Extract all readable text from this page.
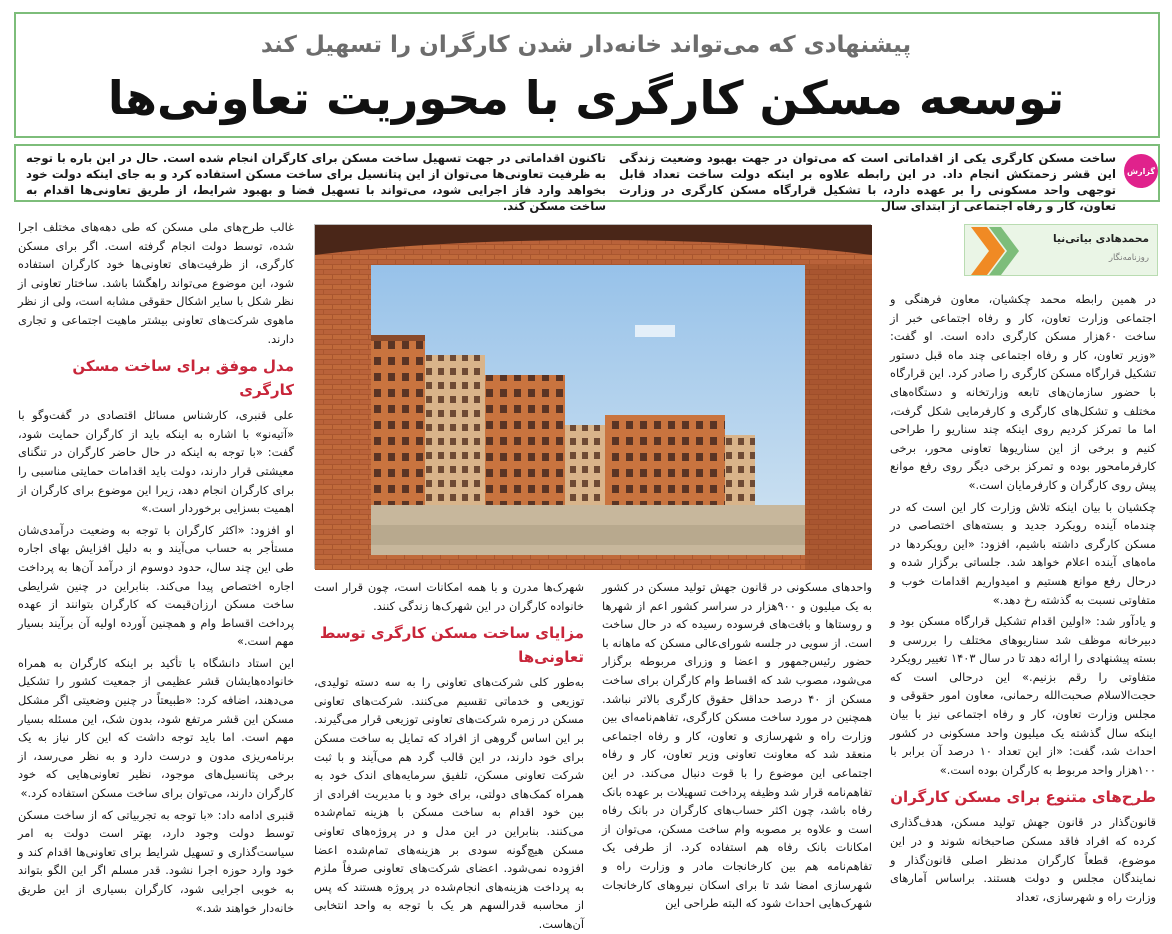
پیشنهادی که می‌تواند خانه‌دار شدن کارگران را تسهیل کند
توسعه مسکن کارگری با محوریت تعاونی‌ها
گزارش
ساخت مسکن کارگری یکی از اقداماتی است که می‌توان در جهت بهبود وضعیت زندگی این قشر زحمتکش انجام داد. در این رابطه علاوه بر اینکه دولت ساخت تعداد قابل توجهی واحد مسکونی را بر عهده دارد، با تشکیل قرارگاه مسکن کارگری در وزارت تعاون، کار و رفاه اجتماعی از ابتدای سال
تاکنون اقداماتی در جهت تسهیل ساخت مسکن برای کارگران انجام شده است. حال در این باره با توجه به ظرفیت تعاونی‌ها می‌توان از این پتانسیل برای ساخت مسکن استفاده کرد و به جای اینکه دولت خود بخواهد وارد فاز اجرایی شود، می‌تواند با تسهیل فضا و بهبود شرایط، از طریق تعاونی‌ها اقدام به ساخت مسکن کند.
محمدهادی بیاتی‌نیا
روزنامه‌نگار

در همین رابطه محمد چکشیان، معاون فرهنگی و اجتماعی وزارت تعاون، کار و رفاه اجتماعی خبر از ساخت ۶۰هزار مسکن کارگری داده است. او گفت: «وزیر تعاون، کار و رفاه اجتماعی چند ماه قبل دستور تشکیل قرارگاه مسکن کارگری را صادر کرد. این قرارگاه با حضور سازمان‌های تابعه وزارتخانه و دستگاه‌های مختلف و تشکل‌های کارگری و کارفرمایی شکل گرفت، اما ما تمرکز کردیم روی اینکه چند سناریو را طراحی کنیم و برخی از این سناریوها تعاونی محور، برخی کارفرمامحور بوده و تمرکز برخی دیگر روی رفع موانع پیش روی کارگران و کارفرمایان است.»

چکشیان با بیان اینکه تلاش وزارت کار این است که در چندماه آینده رویکرد جدید و بسته‌های اختصاصی در مسکن کارگری داشته باشیم، افزود: «این رویکردها در ماه‌های آینده اعلام خواهد شد. جلساتی برگزار شده و درحال رفع موانع هستیم و امیدواریم اقدامات خوب و متفاوتی نسبت به گذشته رخ دهد.»

و یادآور شد: «اولین اقدام تشکیل قرارگاه مسکن بود و دبیرخانه موظف شد سناریوهای مختلف را بررسی و بسته پیشنهادی را ارائه دهد تا در سال ۱۴۰۳ تغییر رویکرد متفاوتی را رقم بزنیم.» این درحالی است که حجت‌الاسلام صحبت‌الله رحمانی، معاون امور حقوقی و مجلس وزارت تعاون، کار و رفاه اجتماعی نیز با بیان اینکه سال گذشته یک میلیون واحد مسکونی در کشور احداث شد، گفت: «از این تعداد ۱۰ درصد آن برابر با ۱۰۰هزار واحد مربوط به کارگران بوده است.»

طرح‌های متنوع برای مسکن کارگران

قانون‌گذار در قانون جهش تولید مسکن، هدف‌گذاری کرده که افراد فاقد مسکن صاحبخانه شوند و در این موضوع، قطعاً کارگران مدنظر اصلی قانون‌گذار و نمایندگان مجلس و دولت هستند. براساس آمارهای وزارت راه و شهرسازی، تعداد

واحدهای مسکونی در قانون جهش تولید مسکن در کشور به یک میلیون و ۹۰۰هزار در سراسر کشور اعم از شهرها و روستاها و بافت‌های فرسوده رسیده که در حال ساخت است. از سویی در جلسه شورای‌عالی مسکن که ماهانه با حضور رئیس‌جمهور و اعضا و وزرای مربوطه برگزار می‌شود، مصوب شد که اقساط وام کارگران برای ساخت مسکن از ۴۰ درصد حداقل حقوق کارگری بالاتر نباشد. همچنین در مورد ساخت مسکن کارگری، تفاهم‌نامه‌ای بین وزارت راه و شهرسازی و تعاون، کار و رفاه اجتماعی منعقد شد که معاونت تعاونی وزیر تعاون، کار و رفاه اجتماعی این موضوع را با قوت دنبال می‌کند. در این تفاهم‌نامه قرار شد وظیفه پرداخت تسهیلات بر عهده بانک رفاه باشد، چون اکثر حساب‌های کارگران در بانک رفاه است و علاوه بر مصوبه وام ساخت مسکن، می‌توان از امکانات بانک رفاه هم استفاده کرد. از طرفی یک تفاهم‌نامه هم بین کارخانجات مادر و وزارت راه و شهرسازی امضا شد تا برای اسکان نیروهای کارخانجات شهرک‌هایی احداث شود که البته طراحی این

شهرک‌ها مدرن و با همه امکانات است، چون قرار است خانواده کارگران در این شهرک‌ها زندگی کنند.

مزایای ساخت مسکن کارگری توسط تعاونی‌ها

به‌طور کلی شرکت‌های تعاونی را به سه دسته تولیدی، توزیعی و خدماتی تقسیم می‌کنند. شرکت‌های تعاونی مسکن در زمره شرکت‌های تعاونی توزیعی قرار می‌گیرند. بر این اساس گروهی از افراد که تمایل به ساخت مسکن برای خود دارند، در این قالب گرد هم می‌آیند و با ثبت شرکت تعاونی مسکن، تلفیق سرمایه‌های اندک خود به همراه کمک‌های دولتی، برای خود و با مدیریت افرادی از بین خود اقدام به ساخت مسکن با هزینه تمام‌شده می‌کنند. بنابراین در این مدل و در پروژه‌های تعاونی مسکن هیچ‌گونه سودی بر هزینه‌های تمام‌شده اعضا افزوده نمی‌شود. اعضای شرکت‌های تعاونی صرفاً ملزم به پرداخت هزینه‌های انجام‌شده در پروژه هستند که پس از محاسبه قدرالسهم هر یک با توجه به واحد انتخابی آن‌هاست.

غالب طرح‌های ملی مسکن که طی دهه‌های مختلف اجرا شده، توسط دولت انجام گرفته است. اگر برای مسکن کارگری، از ظرفیت‌های تعاونی‌ها خود کارگران استفاده شود، این موضوع می‌تواند راهگشا باشد. ساختار تعاونی از نظر شکل با سایر اشکال حقوقی مشابه است، ولی از نظر ماهوی شرکت‌های تعاونی بیشتر ماهیت اجتماعی و تجاری دارند.

مدل موفق برای ساخت مسکن کارگری

علی قنبری، کارشناس مسائل اقتصادی در گفت‌وگو با «آتیه‌نو» با اشاره به اینکه باید از کارگران حمایت شود، گفت: «با توجه به اینکه در حال حاضر کارگران در تنگنای معیشتی قرار دارند، دولت باید اقدامات حمایتی مناسبی را برای کارگران انجام دهد، زیرا این موضوع برای کارگران از اهمیت بسزایی برخوردار است.»

او افزود: «اکثر کارگران با توجه به وضعیت درآمدی‌شان مستأجر به حساب می‌آیند و به دلیل افزایش بهای اجاره طی این چند سال، حدود دوسوم از درآمد آن‌ها به پرداخت اجاره اختصاص پیدا می‌کند. بنابراین در چنین شرایطی ساخت مسکن ارزان‌قیمت که کارگران بتوانند از عهده پرداخت اقساط وام و همچنین آورده اولیه آن برآیند بسیار مهم است.»

این استاد دانشگاه با تأکید بر اینکه کارگران به همراه خانواده‌هایشان قشر عظیمی از جمعیت کشور را تشکیل می‌دهند، اضافه کرد: «طبیعتاً در چنین وضعیتی اگر مشکل مسکن این قشر مرتفع شود، بدون شک، این مسئله بسیار مهم است. اما باید توجه داشت که این کار نیاز به یک برنامه‌ریزی مدون و درست دارد و به نظر می‌رسد، از برخی پتانسیل‌های موجود، نظیر تعاونی‌هایی که خود کارگران دارند، می‌توان برای ساخت مسکن استفاده کرد.»

قنبری ادامه داد: «با توجه به تجربیاتی که از ساخت مسکن توسط دولت وجود دارد، بهتر است دولت به امر سیاست‌گذاری و تسهیل شرایط برای تعاونی‌ها اقدام کند و خود وارد حوزه اجرا نشود. قدر مسلم اگر این الگو بتواند به خوبی اجرایی شود، کارگران بسیاری از این طریق خانه‌دار خواهند شد.»
